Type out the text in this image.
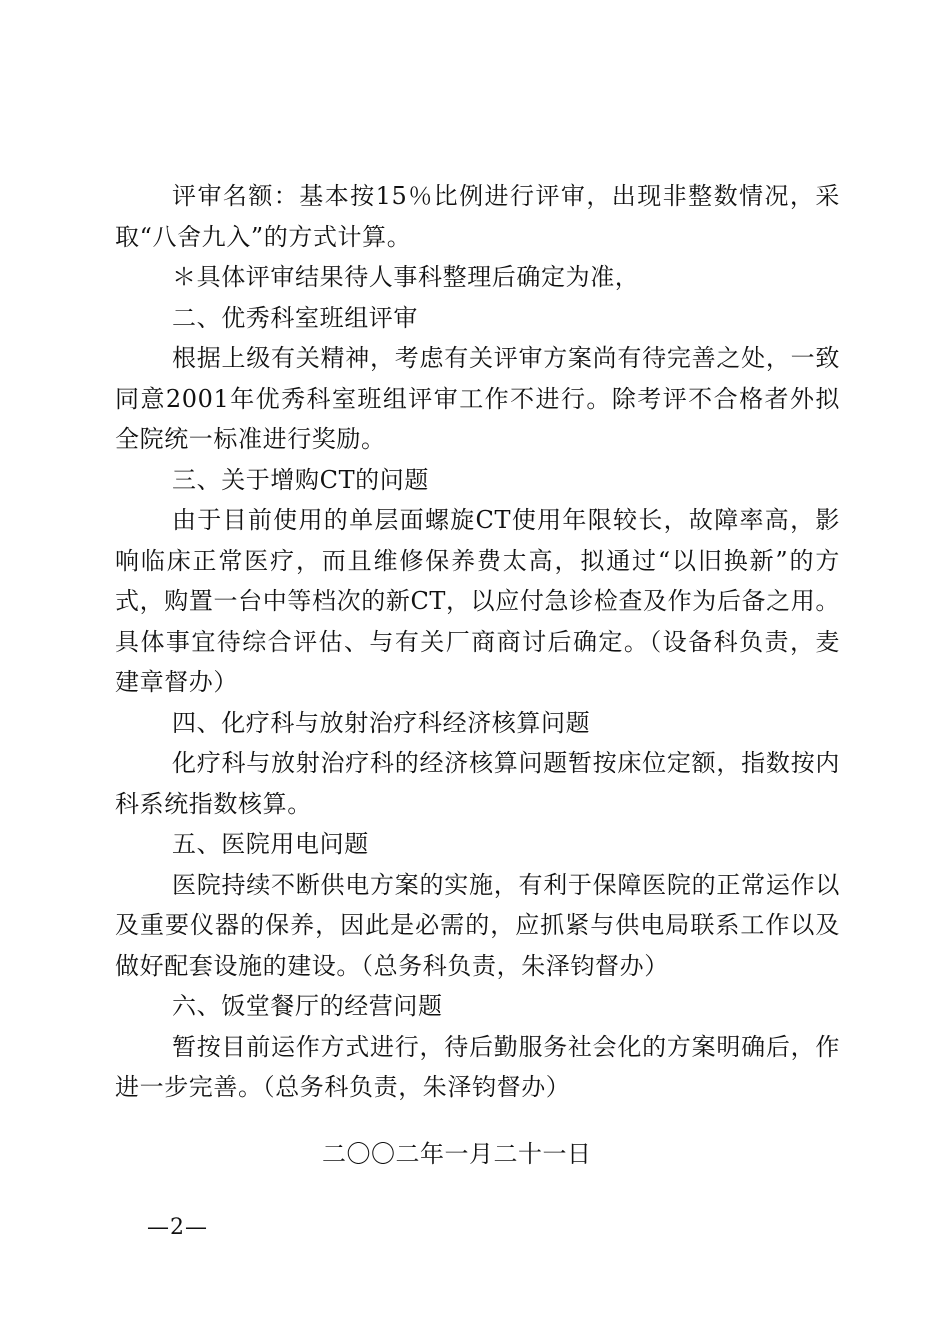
评审名额：基本按15％比例进行评审，出现非整数情况，采取“八舍九入”的方式计算。

＊具体评审结果待人事科整理后确定为准，

二、优秀科室班组评审

根据上级有关精神，考虑有关评审方案尚有待完善之处，一致同意2001年优秀科室班组评审工作不进行。除考评不合格者外拟全院统一标准进行奖励。

三、关于增购CT的问题

由于目前使用的单层面螺旋CT使用年限较长，故障率高，影响临床正常医疗，而且维修保养费太高，拟通过“以旧换新”的方式，购置一台中等档次的新CT，以应付急诊检查及作为后备之用。具体事宜待综合评估、与有关厂商商讨后确定。（设备科负责，麦建章督办）

四、化疗科与放射治疗科经济核算问题

化疗科与放射治疗科的经济核算问题暂按床位定额，指数按内科系统指数核算。

五、医院用电问题

医院持续不断供电方案的实施，有利于保障医院的正常运作以及重要仪器的保养，因此是必需的，应抓紧与供电局联系工作以及做好配套设施的建设。（总务科负责，朱泽钧督办）

六、饭堂餐厅的经营问题

暂按目前运作方式进行，待后勤服务社会化的方案明确后，作进一步完善。（总务科负责，朱泽钧督办）

二〇〇二年一月二十一日
—2—
